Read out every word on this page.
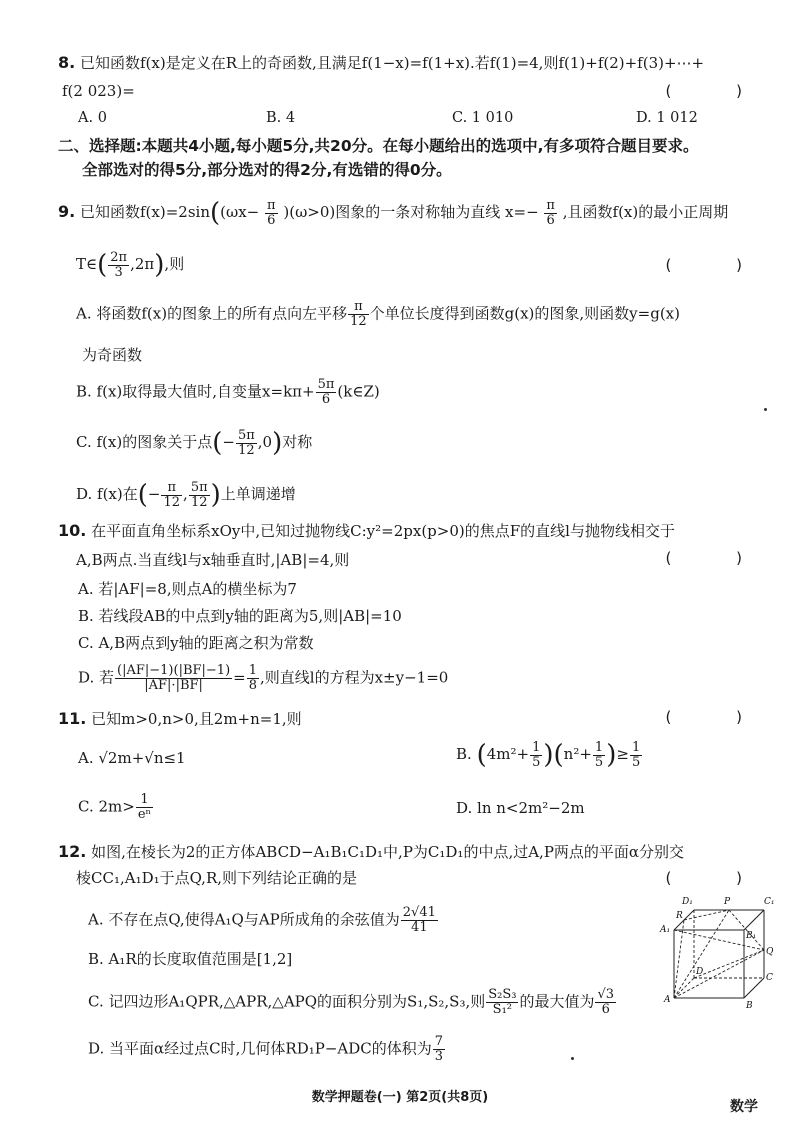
8. 已知函数f(x)是定义在R上的奇函数,且满足f(1−x)=f(1+x).若f(1)=4,则f(1)+f(2)+f(3)+⋯+
f(2 023)=	( )
A. 0	B. 4	C. 1 010	D. 1 012
二、选择题:本题共4小题,每小题5分,共20分。在每小题给出的选项中,有多项符合题目要求。
全部选对的得5分,部分选对的得2分,有选错的得0分。
9. 已知函数$f(x)=2\sin((\omega x- \frac{\pi}{6} )(\omega>0)$图象的一条对称轴为直线 $x=- \frac{\pi}{6}$ ,且函数f(x)的最小正周期
T∈( $\frac{2\pi}{3} ,2\pi$),则	( )
A. 将函数f(x)的图象上的所有点向左平移 $\frac{\pi}{12}$ 个单位长度得到函数g(x)的图象,则函数y=g(x)
为奇函数
B. f(x)取得最大值时,自变量$x=k\pi+ \frac{5\pi}{6}$ (k∈Z)
C. f(x)的图象关于点(− $\frac{5\pi}{12} ,0$)对称
D. f(x)在(− $\frac{\pi}{12}$ , $\frac{5\pi}{12}$ )上单调递增
10. 在平面直角坐标系xOy中,已知过抛物线C:y²=2px(p>0)的焦点F的直线l与抛物线相交于
A,B两点.当直线l与x轴垂直时,|AB|=4,则	( )
A. 若|AF|=8,则点A的横坐标为7
B. 若线段AB的中点到y轴的距离为5,则|AB|=10
C. A,B两点到y轴的距离之积为常数
D. 若 $\frac{(|AF|-1)(|BF|-1)}{|AF|\cdot|BF|} = \frac{1}{8}$ ,则直线l的方程为x±y−1=0
11. 已知m>0,n>0,且2m+n=1,则	( )
A. √2m+√n≤1	B. $(4m^2+ \frac{1}{5} )(n^2+ \frac{1}{5}$ )≥ $\frac{1}{5}$
C. $2m> \frac{1}{\text{eⁿ}}$	D. ln n<2m²−2m
12. 如图,在棱长为2的正方体ABCD−A₁B₁C₁D₁中,P为C₁D₁的中点,过A,P两点的平面α分别交
棱CC₁,A₁D₁于点Q,R,则下列结论正确的是	( )
A. 不存在点Q,使得A₁Q与AP所成角的余弦值为 $\frac{2√41}{41}$
B. A₁R的长度取值范围是[1,2]
C. 记四边形A₁QPR,△APR,△APQ的面积分别为S₁,S₂,S₃,则 $\frac{\text{S₂S₃}}{\text{S₁²}}$ 的最大值为 $\frac{√3}{6}$
D. 当平面α经过点C时,几何体RD₁P−ADC的体积为 $\frac{7}{3}$
D₁	P	C₁
R
B₁
A₁
Q
D
C
A
B
数学押题卷(一) 第2页(共8页)
数学
